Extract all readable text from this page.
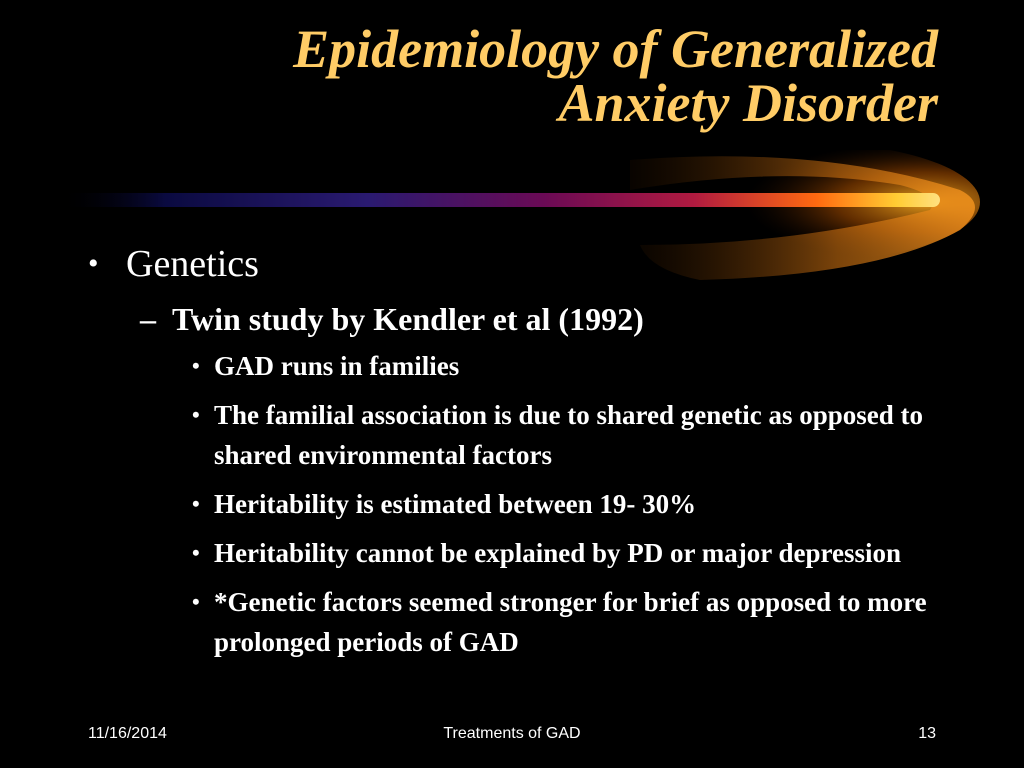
Epidemiology of Generalized
Anxiety Disorder
• Genetics
– Twin study by Kendler et al (1992)
• GAD runs in families
• The familial association is due to shared genetic as opposed to shared environmental factors
• Heritability is estimated between 19- 30%
• Heritability cannot be explained by PD or major depression
• *Genetic factors seemed stronger for brief as opposed to more prolonged periods of GAD
11/16/2014	Treatments of GAD	13
